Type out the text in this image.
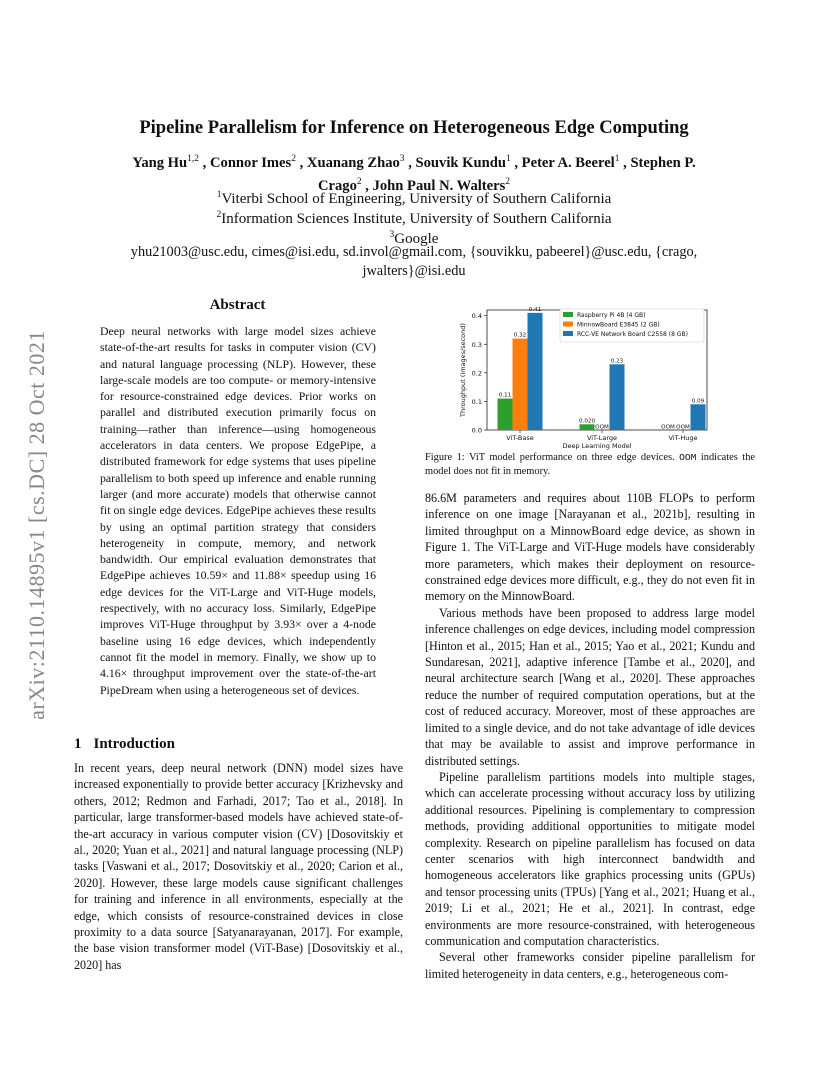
arXiv:2110.14895v1 [cs.DC] 28 Oct 2021
Pipeline Parallelism for Inference on Heterogeneous Edge Computing
Yang Hu$^{1,2}$ , Connor Imes$^2$ , Xuanang Zhao$^3$ , Souvik Kundu$^1$ , Peter A. Beerel$^1$ , Stephen P.
Crago$^2$ , John Paul N. Walters$^2$
$^1$Viterbi School of Engineering, University of Southern California
$^2$Information Sciences Institute, University of Southern California
$^3$Google
yhu21003@usc.edu, cimes@isi.edu, sd.invol@gmail.com, {souvikku, pabeerel}@usc.edu, {crago,
jwalters}@isi.edu
Abstract
Deep neural networks with large model sizes achieve state-of-the-art results for tasks in computer vision (CV) and natural language processing (NLP). However, these large-scale models are too compute- or memory-intensive for resource-constrained edge devices. Prior works on parallel and distributed execution primarily focus on training—rather than inference—using homogeneous accelerators in data centers. We propose EdgePipe, a distributed framework for edge systems that uses pipeline parallelism to both speed up inference and enable running larger (and more accurate) models that otherwise cannot fit on single edge devices. EdgePipe achieves these results by using an optimal partition strategy that considers heterogeneity in compute, memory, and network bandwidth. Our empirical evaluation demonstrates that EdgePipe achieves 10.59× and 11.88× speedup using 16 edge devices for the ViT-Large and ViT-Huge models, respectively, with no accuracy loss. Similarly, EdgePipe improves ViT-Huge throughput by 3.93× over a 4-node baseline using 16 edge devices, which independently cannot fit the model in memory. Finally, we show up to 4.16× throughput improvement over the state-of-the-art PipeDream when using a heterogeneous set of devices.
1 Introduction

In recent years, deep neural network (DNN) model sizes have increased exponentially to provide better accuracy [Krizhevsky and others, 2012; Redmon and Farhadi, 2017; Tao et al., 2018]. In particular, large transformer-based models have achieved state-of-the-art accuracy in various computer vision (CV) [Dosovitskiy et al., 2020; Yuan et al., 2021] and natural language processing (NLP) tasks [Vaswani et al., 2017; Dosovitskiy et al., 2020; Carion et al., 2020]. However, these large models cause significant challenges for training and inference in all environments, especially at the edge, which consists of resource-constrained devices in close proximity to a data source [Satyanarayanan, 2017]. For example, the base vision transformer model (ViT-Base) [Dosovitskiy et al., 2020] has

0.0
0.1
0.2
0.3
0.4
Throughput (images/second)
ViT-Base	ViT-Large	ViT-Huge
Deep Learning Model
0.11
0.32
0.41
0.020
OOM
0.23
OOM OOM
0.09
Raspberry Pi 4B (4 GB)
MinnowBoard E3845 (2 GB)
RCC-VE Network Board C2558 (8 GB)
Figure 1: ViT model performance on three edge devices. OOM indicates the model does not fit in memory.

86.6M parameters and requires about 110B FLOPs to perform inference on one image [Narayanan et al., 2021b], resulting in limited throughput on a MinnowBoard edge device, as shown in Figure 1. The ViT-Large and ViT-Huge models have considerably more parameters, which makes their deployment on resource-constrained edge devices more difficult, e.g., they do not even fit in memory on the MinnowBoard.

Various methods have been proposed to address large model inference challenges on edge devices, including model compression [Hinton et al., 2015; Han et al., 2015; Yao et al., 2021; Kundu and Sundaresan, 2021], adaptive inference [Tambe et al., 2020], and neural architecture search [Wang et al., 2020]. These approaches reduce the number of required computation operations, but at the cost of reduced accuracy. Moreover, most of these approaches are limited to a single device, and do not take advantage of idle devices that may be available to assist and improve performance in distributed settings.

Pipeline parallelism partitions models into multiple stages, which can accelerate processing without accuracy loss by utilizing additional resources. Pipelining is complementary to compression methods, providing additional opportunities to mitigate model complexity. Research on pipeline parallelism has focused on data center scenarios with high interconnect bandwidth and homogeneous accelerators like graphics processing units (GPUs) and tensor processing units (TPUs) [Yang et al., 2021; Huang et al., 2019; Li et al., 2021; He et al., 2021]. In contrast, edge environments are more resource-constrained, with heterogeneous communication and computation characteristics.

Several other frameworks consider pipeline parallelism for limited heterogeneity in data centers, e.g., heterogeneous com-
